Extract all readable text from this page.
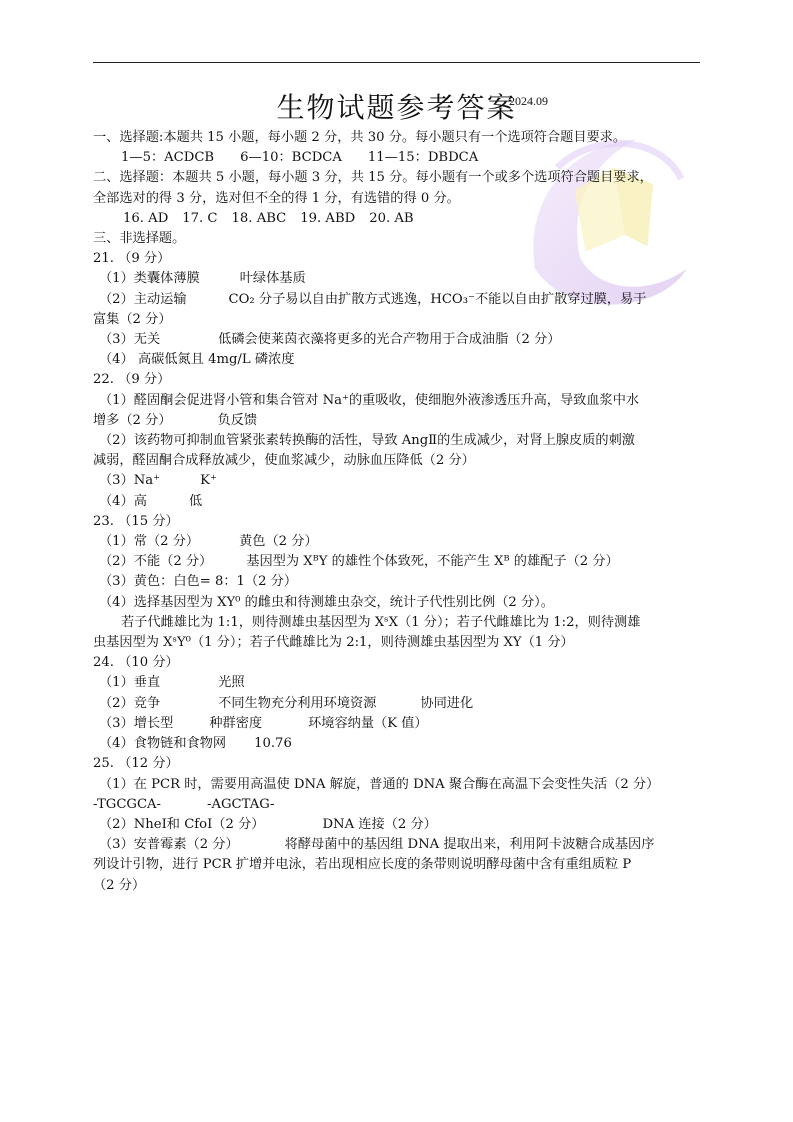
生物试题参考答案
2024.09
一、选择题:本题共 15 小题，每小题 2 分，共 30 分。每小题只有一个选项符合题目要求。
1—5：ACDCB 6—10：BCDCA 11—15：DBDCA
二、选择题：本题共 5 小题，每小题 3 分，共 15 分。每小题有一个或多个选项符合题目要求，
全部选对的得 3 分，选对但不全的得 1 分，有选错的得 0 分。
16. AD 17. C 18. ABC 19. ABD 20. AB
三、非选择题。
21. （9 分）
（1）类囊体薄膜	叶绿体基质
（2）主动运输	CO₂ 分子易以自由扩散方式逃逸，HCO₃⁻不能以自由扩散穿过膜，易于
富集（2 分）
（3）无关	低磷会使莱茵衣藻将更多的光合产物用于合成油脂（2 分）
（4） 高碳低氮且 4mg/L 磷浓度
22. （9 分）
（1）醛固酮会促进肾小管和集合管对 Na⁺的重吸收，使细胞外液渗透压升高，导致血浆中水
增多（2 分）	负反馈
（2）该药物可抑制血管紧张素转换酶的活性，导致 AngⅡ的生成减少，对肾上腺皮质的刺激
减弱，醛固酮合成释放减少，使血浆减少，动脉血压降低（2 分）
（3）Na⁺	K⁺
（4）高	低
23. （15 分）
（1）常（2 分）	黄色（2 分）
（2）不能（2 分）	基因型为 XᴮY 的雄性个体致死，不能产生 Xᴮ 的雄配子（2 分）
（3）黄色：白色= 8：1（2 分）
（4）选择基因型为 XY⁰ 的雌虫和待测雄虫杂交，统计子代性别比例（2 分）。
若子代雌雄比为 1:1，则待测雄虫基因型为 XˢX（1 分）；若子代雌雄比为 1:2，则待测雄
虫基因型为 XˢY⁰（1 分）；若子代雌雄比为 2:1，则待测雄虫基因型为 XY（1 分）
24. （10 分）
（1）垂直	光照
（2）竞争	不同生物充分利用环境资源	协同进化
（3）增长型	种群密度	环境容纳量（K 值）
（4）食物链和食物网 10.76
25. （12 分）
（1）在 PCR 时，需要用高温使 DNA 解旋，普通的 DNA 聚合酶在高温下会变性失活（2 分）
-TGCGCA-	-AGCTAG-
（2）NheⅠ和 CfoⅠ（2 分）	DNA 连接（2 分）
（3）安普霉素（2 分）	将酵母菌中的基因组 DNA 提取出来，利用阿卡波糖合成基因序
列设计引物，进行 PCR 扩增并电泳，若出现相应长度的条带则说明酵母菌中含有重组质粒 P
（2 分）
